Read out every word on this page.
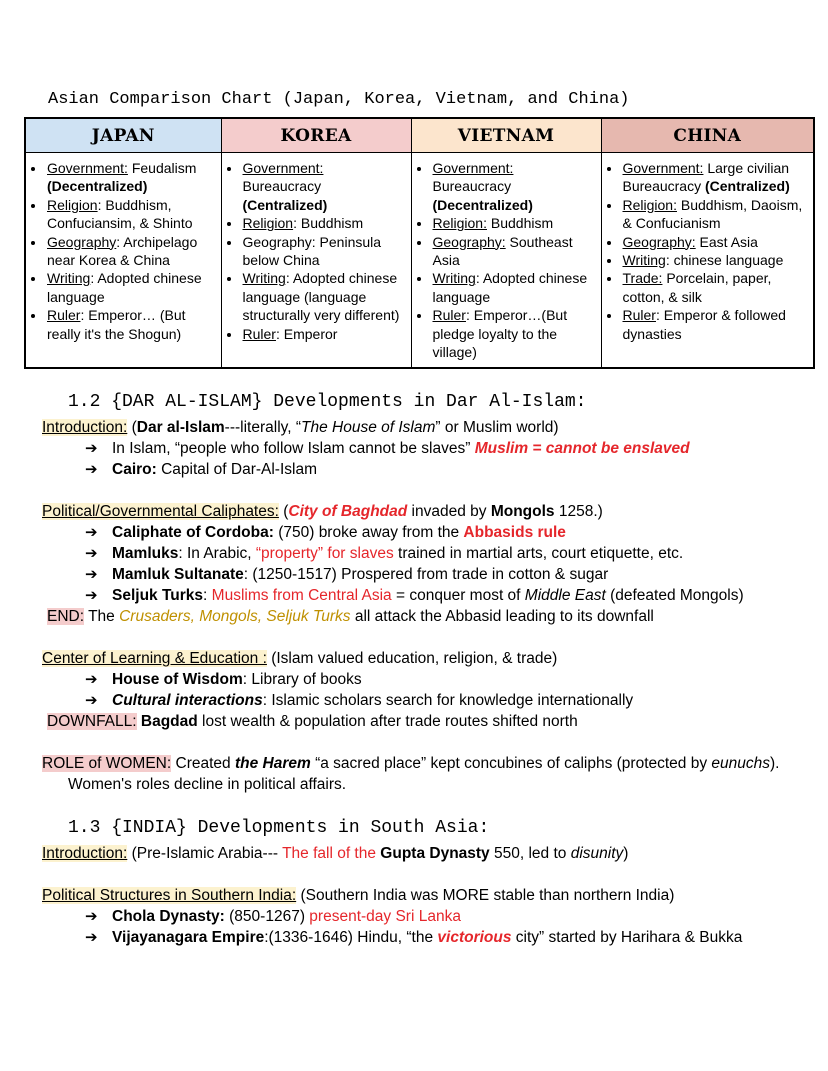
Asian Comparison Chart (Japan, Korea, Vietnam, and China)
JAPAN	KOREA	VIETNAM	CHINA

• Government: Feudalism (Decentralized)
• Religion: Buddhism, Confuciansim, & Shinto
• Geography: Archipelago near Korea & China
• Writing: Adopted chinese language
• Ruler: Emperor… (But really it's the Shogun)

• Government: Bureaucracy (Centralized)
• Religion: Buddhism
• Geography: Peninsula below China
• Writing: Adopted chinese language (language structurally very different)
• Ruler: Emperor

• Government: Bureaucracy (Decentralized)
• Religion: Buddhism
• Geography: Southeast Asia
• Writing: Adopted chinese language
• Ruler: Emperor…(But pledge loyalty to the village)

• Government: Large civilian Bureaucracy (Centralized)
• Religion: Buddhism, Daoism, & Confucianism
• Geography: East Asia
• Writing: chinese language
• Trade: Porcelain, paper, cotton, & silk
• Ruler: Emperor & followed dynasties
1.2 {DAR AL-ISLAM} Developments in Dar Al-Islam:
Introduction: (Dar al-Islam---literally, “The House of Islam” or Muslim world)
➔ In Islam, “people who follow Islam cannot be slaves” Muslim = cannot be enslaved
➔ Cairo: Capital of Dar-Al-Islam
Political/Governmental Caliphates: (City of Baghdad invaded by Mongols 1258.)
➔ Caliphate of Cordoba: (750) broke away from the Abbasids rule
➔ Mamluks: In Arabic, “property” for slaves trained in martial arts, court etiquette, etc.
➔ Mamluk Sultanate: (1250-1517) Prospered from trade in cotton & sugar
➔ Seljuk Turks: Muslims from Central Asia = conquer most of Middle East (defeated Mongols)
END: The Crusaders, Mongols, Seljuk Turks all attack the Abbasid leading to its downfall
Center of Learning & Education : (Islam valued education, religion, & trade)
➔ House of Wisdom: Library of books
➔ Cultural interactions: Islamic scholars search for knowledge internationally
DOWNFALL: Bagdad lost wealth & population after trade routes shifted north
ROLE of WOMEN: Created the Harem “a sacred place” kept concubines of caliphs (protected by eunuchs). Women's roles decline in political affairs.
1.3 {INDIA} Developments in South Asia:
Introduction: (Pre-Islamic Arabia--- The fall of the Gupta Dynasty 550, led to disunity)
Political Structures in Southern India: (Southern India was MORE stable than northern India)
➔ Chola Dynasty: (850-1267) present-day Sri Lanka
➔ Vijayanagara Empire:(1336-1646) Hindu, “the victorious city” started by Harihara & Bukka
